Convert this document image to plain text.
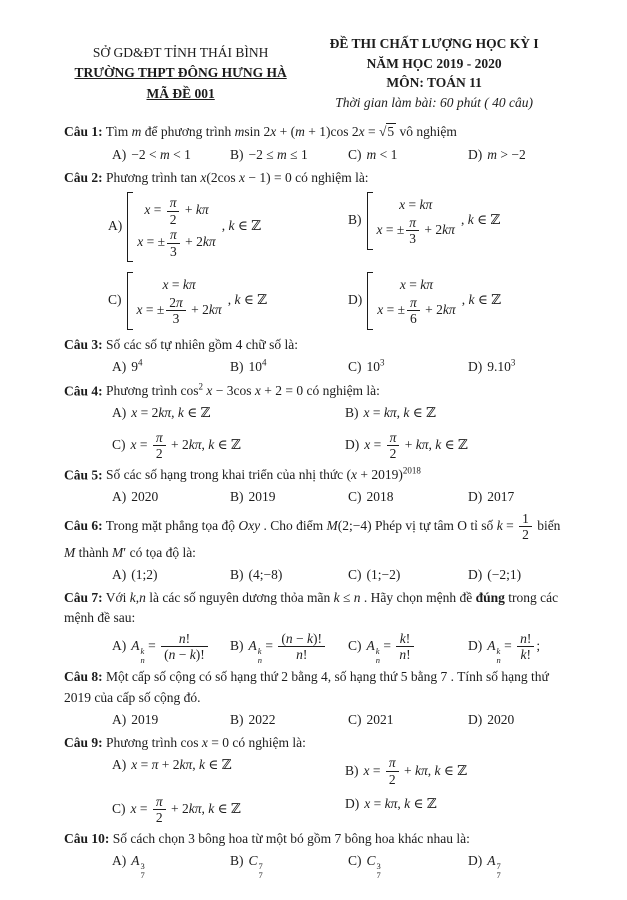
SỞ GD&ĐT TỈNH THÁI BÌNH
TRƯỜNG THPT ĐÔNG HƯNG HÀ
MÃ ĐỀ 001
ĐỀ THI CHẤT LƯỢNG HỌC KỲ I
NĂM HỌC 2019 - 2020
MÔN: TOÁN 11
Thời gian làm bài: 60 phút ( 40 câu)

Câu 1: Tìm m để phương trình msin 2x + (m + 1)cos 2x = √ 5 vô nghiệm

A) −2 < m < 1	B) −2 ≤ m ≤ 1	C) m < 1	D) m > −2

Câu 2: Phương trình tan x(2cos x − 1) = 0 có nghiệm là:

A)
$x = \frac{\pi}{2} + k\pi$
x = ± $\frac{\pi}{3} + 2k\pi$
, k ∈ ℤ	B)
x = kπ
x = ± $\frac{\pi}{3} + 2k\pi$
, k ∈ ℤ
C)
x = kπ
x = ± $\frac{2\pi}{3} + 2k\pi$
, k ∈ ℤ	D)
x = kπ
x = ± $\frac{\pi}{6} + 2k\pi$
, k ∈ ℤ

Câu 3: Số các số tự nhiên gồm 4 chữ số là:

A) $9^4$	B) $10^4$	C) $10^3$	D) 9.10$^3$

Câu 4: Phương trình $\cos^2 x - 3\cos$ x + 2 = 0 có nghiệm là:

A) x = 2kπ, k ∈ ℤ	B) x = kπ, k ∈ ℤ
C) $x = \frac{\pi}{2} + 2k\pi$, k ∈ ℤ	D) $x = \frac{\pi}{2} + k\pi$, k ∈ ℤ

Câu 5: Số các số hạng trong khai triển của nhị thức $(x + 2019)^{2018}$

A) 2020	B) 2019	C) 2018	D) 2017

Câu 6: Trong mặt phẳng tọa độ Oxy . Cho điểm M(2;−4) Phép vị tự tâm O tỉ số $k = \frac{1}{2}$ biến M thành M′ có tọa độ là:

A) (1;2)	B) (4;−8)	C) (1;−2)	D) (−2;1)

Câu 7: Với k,n là các số nguyên dương thỏa mãn k ≤ n . Hãy chọn mệnh đề đúng trong các mệnh đề sau:

A) A k
n
= $\frac{n!}{(n - k)!} B$) A k
n
= $\frac{(n - k)!}{n!} C$) A k
n
= $\frac{k!}{n!}$	D) A k
n
= $\frac{n!}{k!}$ ;

Câu 8: Một cấp số cộng có số hạng thứ 2 bằng 4, số hạng thứ 5 bằng 7 . Tính số hạng thứ 2019 của cấp số cộng đó.

A) 2019	B) 2022	C) 2021	D) 2020

Câu 9: Phương trình cos x = 0 có nghiệm là:

A) x = π + 2kπ, k ∈ ℤ	B) $x = \frac{\pi}{2} + k\pi$, k ∈ ℤ
C) $x = \frac{\pi}{2} + 2k\pi$, k ∈ ℤ	D) x = kπ, k ∈ ℤ

Câu 10: Số cách chọn 3 bông hoa từ một bó gồm 7 bông hoa khác nhau là:

A) A 3
7
B) C 7
7
C) C 3
7
D) A 7
7
